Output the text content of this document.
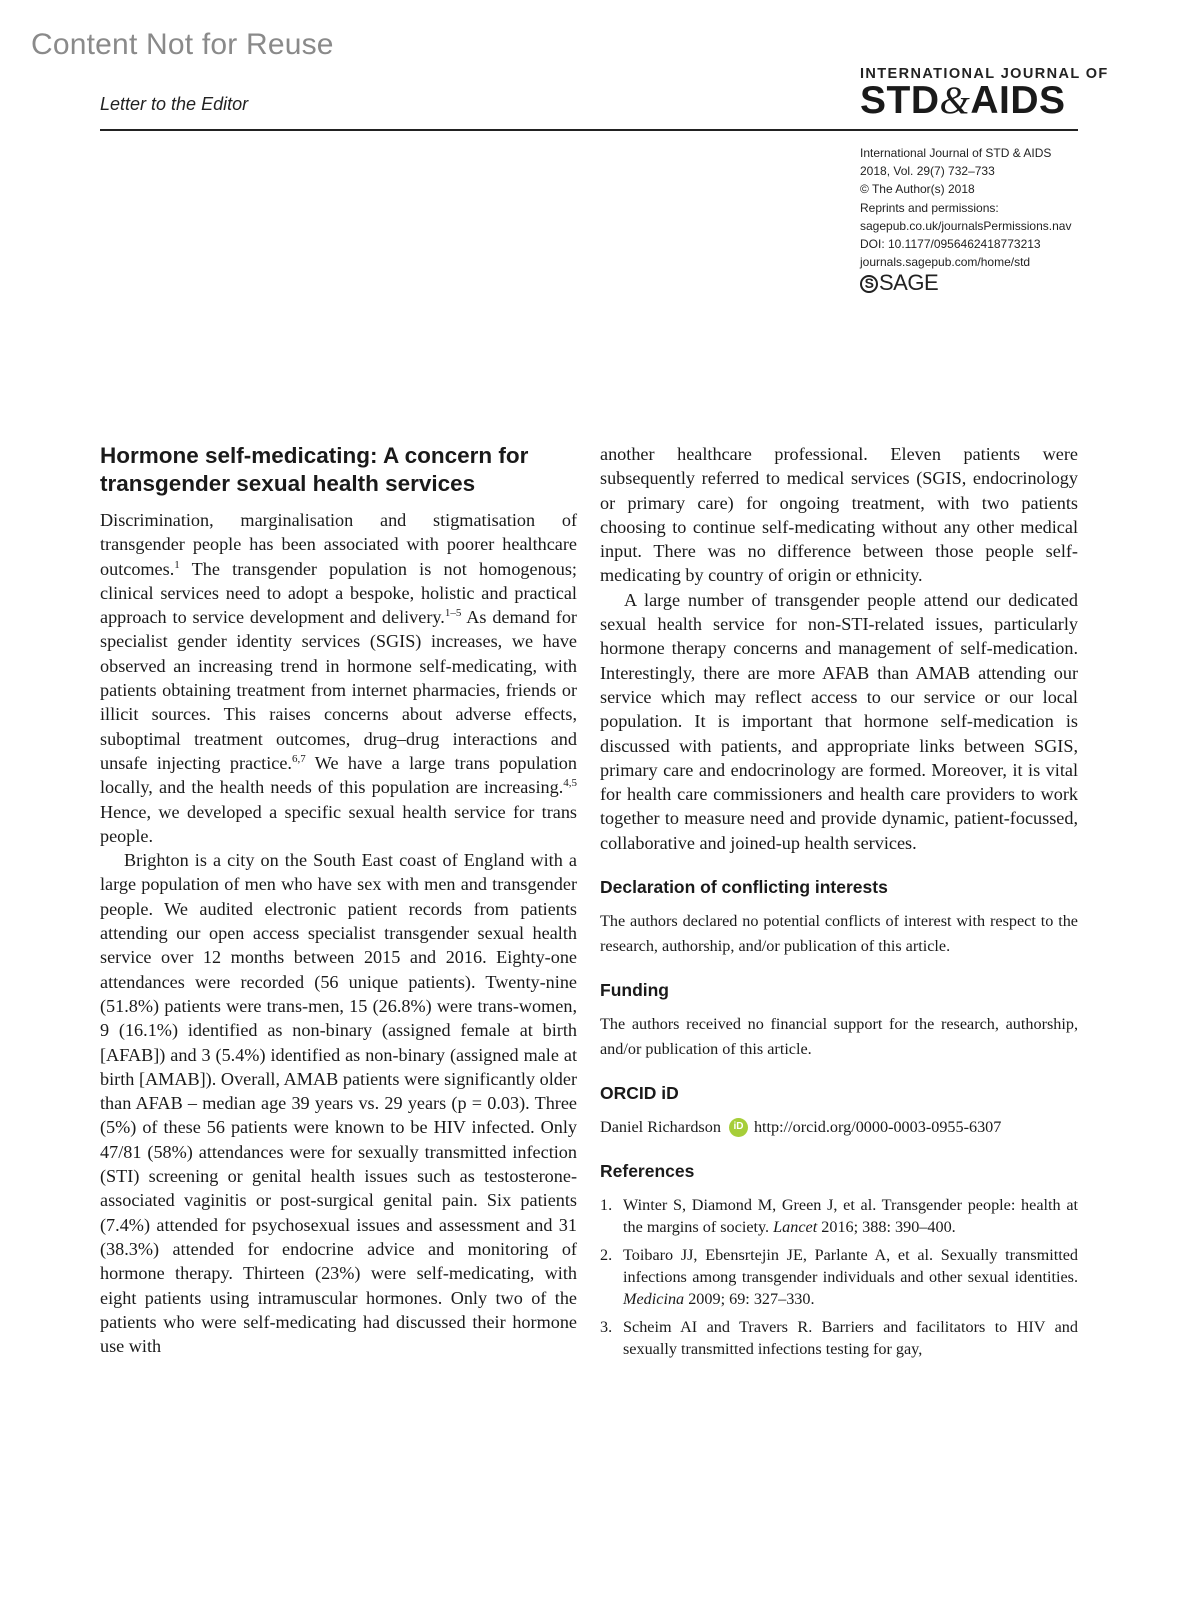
Content Not for Reuse
Letter to the Editor
INTERNATIONAL JOURNAL OF
STD&AIDS
International Journal of STD & AIDS
2018, Vol. 29(7) 732–733
© The Author(s) 2018
Reprints and permissions:
sagepub.co.uk/journalsPermissions.nav
DOI: 10.1177/0956462418773213
journals.sagepub.com/home/std
S SAGE
Hormone self-medicating: A concern for transgender sexual health services

Discrimination, marginalisation and stigmatisation of transgender people has been associated with poorer healthcare outcomes.$^1$ The transgender population is not homogenous; clinical services need to adopt a bespoke, holistic and practical approach to service development and delivery.$^{1-5}$ As demand for specialist gender identity services (SGIS) increases, we have observed an increasing trend in hormone self-medicating, with patients obtaining treatment from internet pharmacies, friends or illicit sources. This raises concerns about adverse effects, suboptimal treatment outcomes, drug–drug interactions and unsafe injecting practice.$^{6,7}$ We have a large trans population locally, and the health needs of this population are increasing.$^{4,5}$ Hence, we developed a specific sexual health service for trans people.

Brighton is a city on the South East coast of England with a large population of men who have sex with men and transgender people. We audited electronic patient records from patients attending our open access specialist transgender sexual health service over 12 months between 2015 and 2016. Eighty-one attendances were recorded (56 unique patients). Twenty-nine (51.8%) patients were trans-men, 15 (26.8%) were trans-women, 9 (16.1%) identified as non-binary (assigned female at birth [AFAB]) and 3 (5.4%) identified as non-binary (assigned male at birth [AMAB]). Overall, AMAB patients were significantly older than AFAB – median age 39 years vs. 29 years (p = 0.03). Three (5%) of these 56 patients were known to be HIV infected. Only 47/81 (58%) attendances were for sexually transmitted infection (STI) screening or genital health issues such as testosterone-associated vaginitis or post-surgical genital pain. Six patients (7.4%) attended for psychosexual issues and assessment and 31 (38.3%) attended for endocrine advice and monitoring of hormone therapy. Thirteen (23%) were self-medicating, with eight patients using intramuscular hormones. Only two of the patients who were self-medicating had discussed their hormone use with

another healthcare professional. Eleven patients were subsequently referred to medical services (SGIS, endocrinology or primary care) for ongoing treatment, with two patients choosing to continue self-medicating without any other medical input. There was no difference between those people self-medicating by country of origin or ethnicity.

A large number of transgender people attend our dedicated sexual health service for non-STI-related issues, particularly hormone therapy concerns and management of self-medication. Interestingly, there are more AFAB than AMAB attending our service which may reflect access to our service or our local population. It is important that hormone self-medication is discussed with patients, and appropriate links between SGIS, primary care and endocrinology are formed. Moreover, it is vital for health care commissioners and health care providers to work together to measure need and provide dynamic, patient-focussed, collaborative and joined-up health services.

Declaration of conflicting interests

The authors declared no potential conflicts of interest with respect to the research, authorship, and/or publication of this article.

Funding

The authors received no financial support for the research, authorship, and/or publication of this article.

ORCID iD
Daniel Richardson	iD http://orcid.org/0000-0003-0955-6307
References
1. Winter S, Diamond M, Green J, et al. Transgender people: health at the margins of society. Lancet 2016; 388: 390–400.
2. Toibaro JJ, Ebensrtejin JE, Parlante A, et al. Sexually transmitted infections among transgender individuals and other sexual identities. Medicina 2009; 69: 327–330.
3. Scheim AI and Travers R. Barriers and facilitators to HIV and sexually transmitted infections testing for gay,
